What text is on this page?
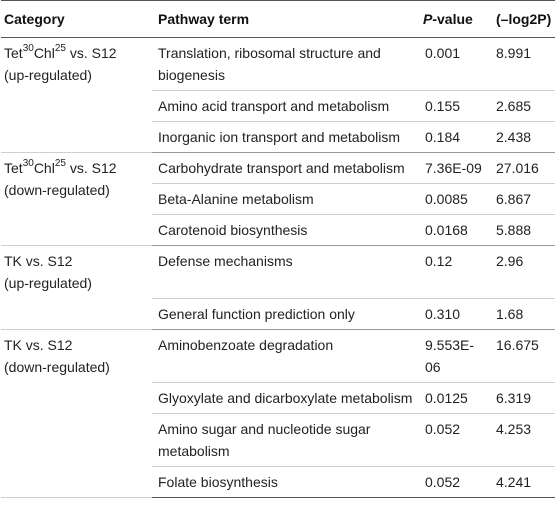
Category	Pathway term	P-value	(–log2P)
Tet$^{30}$Chl$^{25}$ vs. S12
(up-regulated)	Translation, ribosomal structure and biogenesis	0.001	8.991
	Amino acid transport and metabolism	0.155	2.685
	Inorganic ion transport and metabolism	0.184	2.438
Tet$^{30}$Chl$^{25}$ vs. S12
(down-regulated)	Carbohydrate transport and metabolism	7.36E-09	27.016
	Beta-Alanine metabolism	0.0085	6.867
	Carotenoid biosynthesis	0.0168	5.888
TK vs. S12
(up-regulated)	Defense mechanisms	0.12	2.96
	General function prediction only	0.310	1.68
TK vs. S12
(down-regulated)	Aminobenzoate degradation	9.553E-06	16.675
	Glyoxylate and dicarboxylate metabolism	0.0125	6.319
	Amino sugar and nucleotide sugar metabolism	0.052	4.253
	Folate biosynthesis	0.052	4.241
